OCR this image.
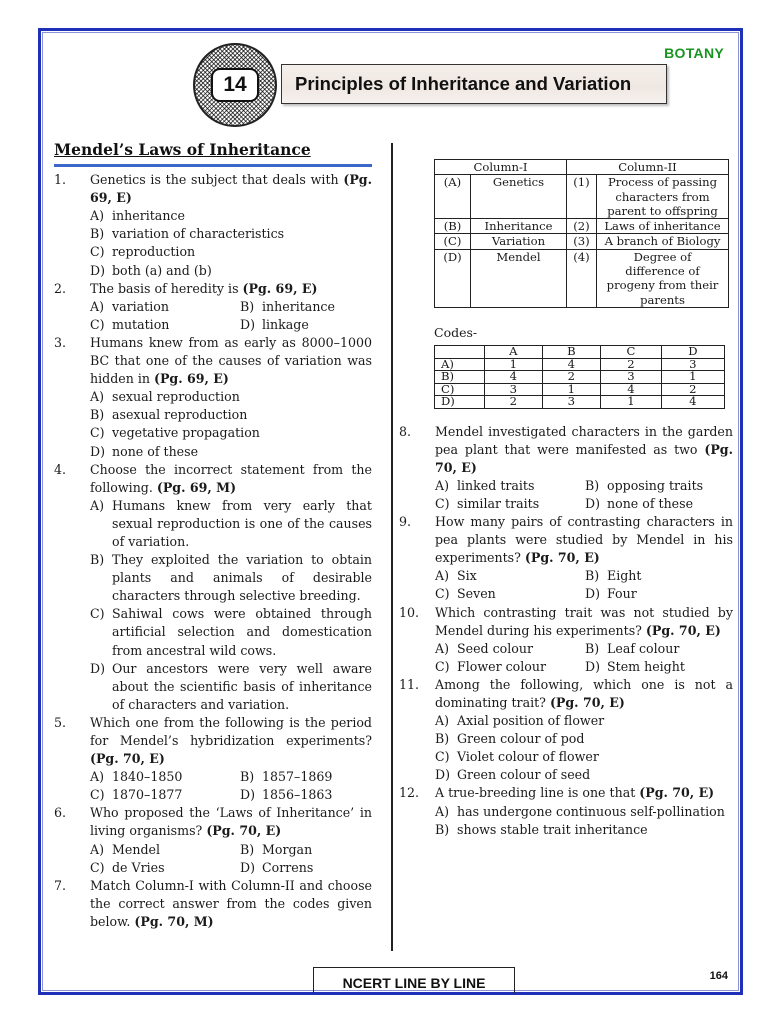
BOTANY
14	Principles of Inheritance and Variation
Mendel’s Laws of Inheritance
1.	Genetics is the subject that deals with (Pg. 69, E)
A) inheritance
B) variation of characteristics
C) reproduction
D) both (a) and (b)
2.	The basis of heredity is (Pg. 69, E)
A) variation	B) inheritance
C) mutation	D) linkage
3.	Humans knew from as early as 8000–1000 BC that one of the causes of variation was hidden in (Pg. 69, E)
A) sexual reproduction
B) asexual reproduction
C) vegetative propagation
D) none of these
4.	Choose the incorrect statement from the following. (Pg. 69, M)
A) Humans knew from very early that sexual reproduction is one of the causes of variation.
B) They exploited the variation to obtain plants and animals of desirable characters through selective breeding.
C) Sahiwal cows were obtained through artificial selection and domestication from ancestral wild cows.
D) Our ancestors were very well aware about the scientific basis of inheritance of characters and variation.
5.	Which one from the following is the period for Mendel’s hybridization experiments? (Pg. 70, E)
A) 1840–1850	B) 1857–1869
C) 1870–1877	D) 1856–1863
6.	Who proposed the ‘Laws of Inheritance’ in living organisms? (Pg. 70, E)
A) Mendel	B) Morgan
C) de Vries	D) Correns
7.	Match Column-I with Column-II and choose the correct answer from the codes given below. (Pg. 70, M)
Column-I		Column-II	
(A)	Genetics	(1)	Process of passing characters from parent to offspring
(B)	Inheritance	(2)	Laws of inheritance
(C)	Variation	(3)	A branch of Biology
(D)	Mendel	(4)	Degree of difference of progeny from their parents
Codes-
	A	B	C	D
A)	1	4	2	3
B)	4	2	3	1
C)	3	1	4	2
D)	2	3	1	4
8.	Mendel investigated characters in the garden pea plant that were manifested as two (Pg. 70, E)
A) linked traits	B) opposing traits
C) similar traits	D) none of these
9.	How many pairs of contrasting characters in pea plants were studied by Mendel in his experiments? (Pg. 70, E)
A) Six	B) Eight
C) Seven	D) Four
10.	Which contrasting trait was not studied by Mendel during his experiments? (Pg. 70, E)
A) Seed colour	B) Leaf colour
C) Flower colour	D) Stem height
11.	Among the following, which one is not a dominating trait? (Pg. 70, E)
A) Axial position of flower
B) Green colour of pod
C) Violet colour of flower
D) Green colour of seed
12.	A true-breeding line is one that (Pg. 70, E)
A) has undergone continuous self-pollination
B) shows stable trait inheritance
NCERT LINE BY LINE	164
